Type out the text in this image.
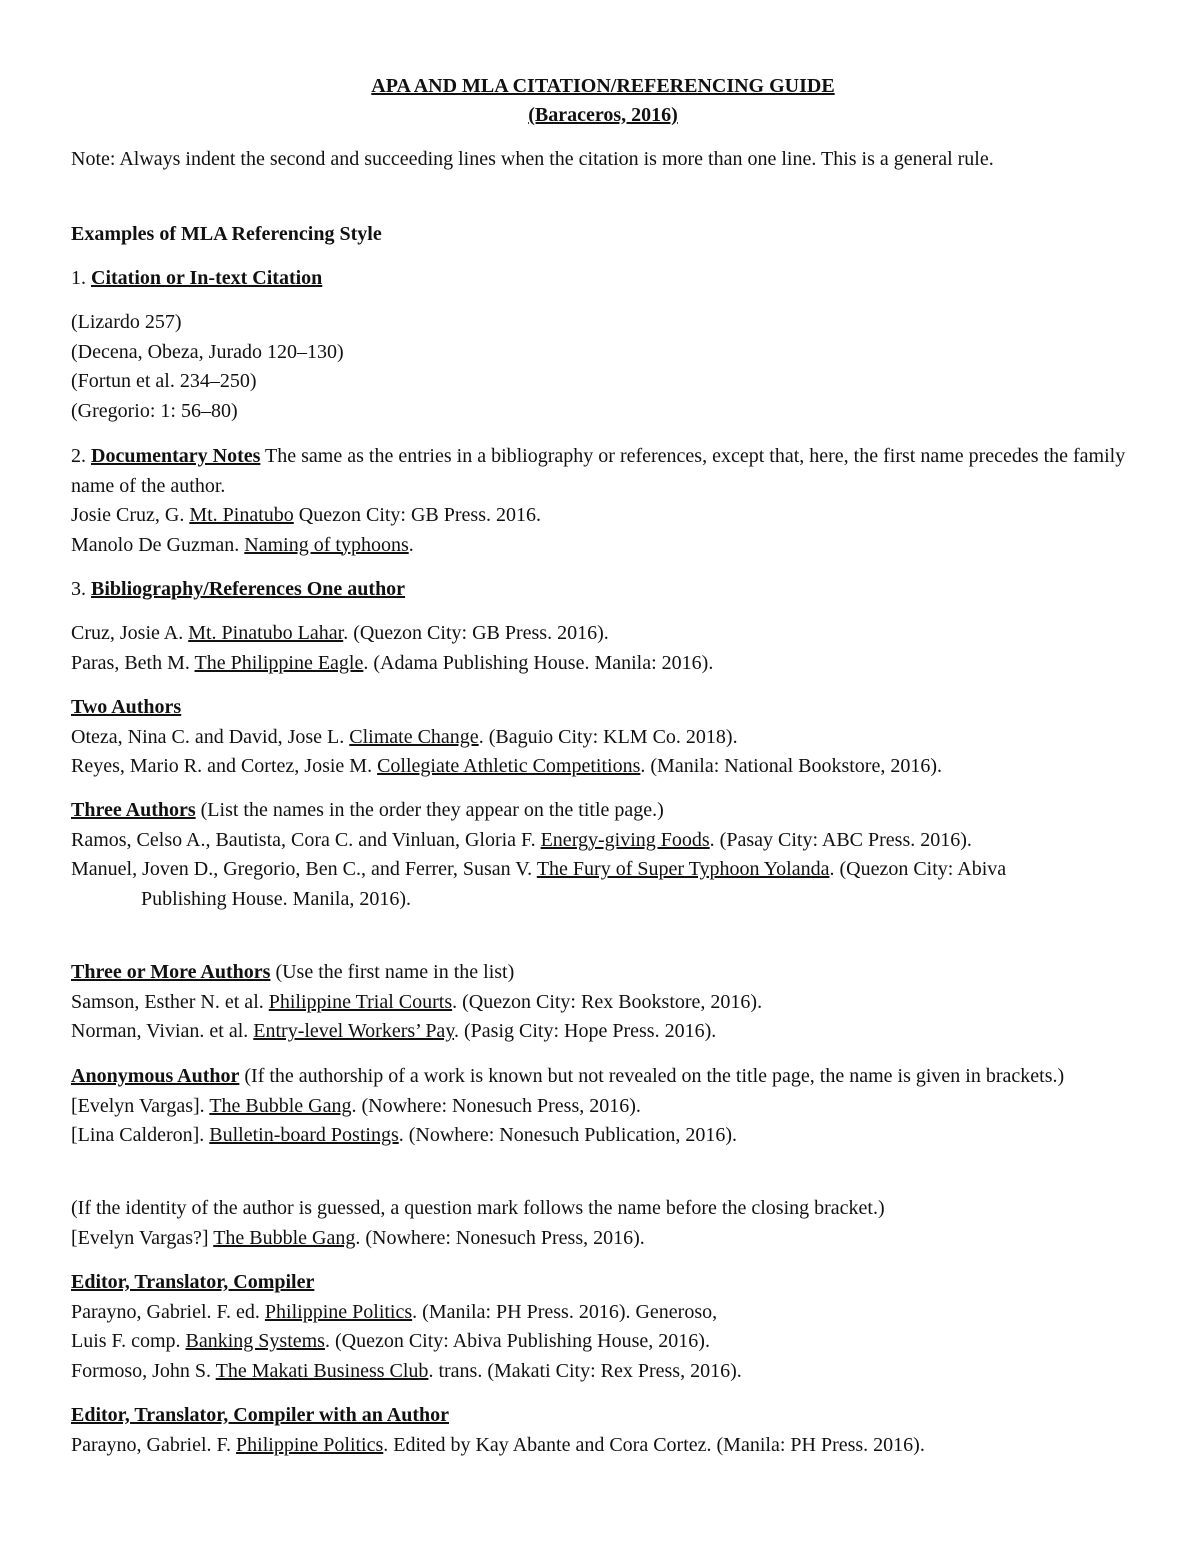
APA AND MLA CITATION/REFERENCING GUIDE
(Baraceros, 2016)
Note: Always indent the second and succeeding lines when the citation is more than one line. This is a general rule.
Examples of MLA Referencing Style
1. Citation or In-text Citation
(Lizardo 257)
(Decena, Obeza, Jurado 120–130)
(Fortun et al. 234–250)
(Gregorio: 1: 56–80)
2. Documentary Notes The same as the entries in a bibliography or references, except that, here, the first name precedes the family name of the author.
Josie Cruz, G. Mt. Pinatubo Quezon City: GB Press. 2016.
Manolo De Guzman. Naming of typhoons.
3. Bibliography/References One author
Cruz, Josie A. Mt. Pinatubo Lahar. (Quezon City: GB Press. 2016).
Paras, Beth M. The Philippine Eagle. (Adama Publishing House. Manila: 2016).
Two Authors
Oteza, Nina C. and David, Jose L. Climate Change. (Baguio City: KLM Co. 2018).
Reyes, Mario R. and Cortez, Josie M. Collegiate Athletic Competitions. (Manila: National Bookstore, 2016).
Three Authors (List the names in the order they appear on the title page.)
Ramos, Celso A., Bautista, Cora C. and Vinluan, Gloria F. Energy-giving Foods. (Pasay City: ABC Press. 2016).
Manuel, Joven D., Gregorio, Ben C., and Ferrer, Susan V. The Fury of Super Typhoon Yolanda. (Quezon City: Abiva Publishing House. Manila, 2016).
Three or More Authors (Use the first name in the list)
Samson, Esther N. et al. Philippine Trial Courts. (Quezon City: Rex Bookstore, 2016).
Norman, Vivian. et al. Entry-level Workers’ Pay. (Pasig City: Hope Press. 2016).
Anonymous Author (If the authorship of a work is known but not revealed on the title page, the name is given in brackets.)
[Evelyn Vargas]. The Bubble Gang. (Nowhere: Nonesuch Press, 2016).
[Lina Calderon]. Bulletin-board Postings. (Nowhere: Nonesuch Publication, 2016).
(If the identity of the author is guessed, a question mark follows the name before the closing bracket.)
[Evelyn Vargas?] The Bubble Gang. (Nowhere: Nonesuch Press, 2016).
Editor, Translator, Compiler
Parayno, Gabriel. F. ed. Philippine Politics. (Manila: PH Press. 2016). Generoso,
Luis F. comp. Banking Systems. (Quezon City: Abiva Publishing House, 2016).
Formoso, John S. The Makati Business Club. trans. (Makati City: Rex Press, 2016).
Editor, Translator, Compiler with an Author
Parayno, Gabriel. F. Philippine Politics. Edited by Kay Abante and Cora Cortez. (Manila: PH Press. 2016).
